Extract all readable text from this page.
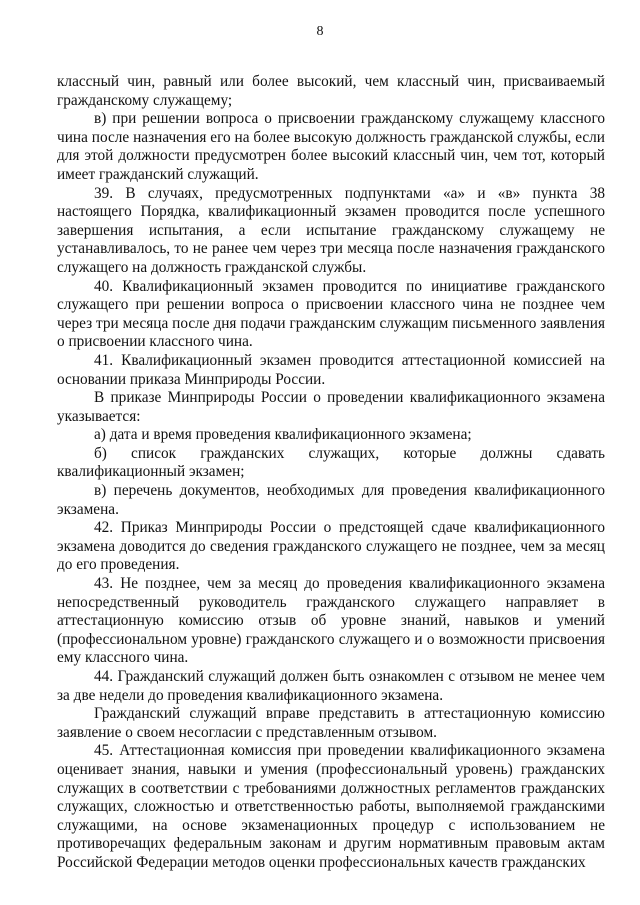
8

классный чин, равный или более высокий, чем классный чин, присваиваемый гражданскому служащему;

в) при решении вопроса о присвоении гражданскому служащему классного чина после назначения его на более высокую должность гражданской службы, если для этой должности предусмотрен более высокий классный чин, чем тот, который имеет гражданский служащий.

39. В случаях, предусмотренных подпунктами «а» и «в» пункта 38 настоящего Порядка, квалификационный экзамен проводится после успешного завершения испытания, а если испытание гражданскому служащему не устанавливалось, то не ранее чем через три месяца после назначения гражданского служащего на должность гражданской службы.

40. Квалификационный экзамен проводится по инициативе гражданского служащего при решении вопроса о присвоении классного чина не позднее чем через три месяца после дня подачи гражданским служащим письменного заявления о присвоении классного чина.

41. Квалификационный экзамен проводится аттестационной комиссией на основании приказа Минприроды России.

В приказе Минприроды России о проведении квалификационного экзамена указывается:

а) дата и время проведения квалификационного экзамена;

б) список гражданских служащих, которые должны сдавать квалификационный экзамен;

в) перечень документов, необходимых для проведения квалификационного экзамена.

42. Приказ Минприроды России о предстоящей сдаче квалификационного экзамена доводится до сведения гражданского служащего не позднее, чем за месяц до его проведения.

43. Не позднее, чем за месяц до проведения квалификационного экзамена непосредственный руководитель гражданского служащего направляет в аттестационную комиссию отзыв об уровне знаний, навыков и умений (профессиональном уровне) гражданского служащего и о возможности присвоения ему классного чина.

44. Гражданский служащий должен быть ознакомлен с отзывом не менее чем за две недели до проведения квалификационного экзамена.

Гражданский служащий вправе представить в аттестационную комиссию заявление о своем несогласии с представленным отзывом.

45. Аттестационная комиссия при проведении квалификационного экзамена оценивает знания, навыки и умения (профессиональный уровень) гражданских служащих в соответствии с требованиями должностных регламентов гражданских служащих, сложностью и ответственностью работы, выполняемой гражданскими служащими, на основе экзаменационных процедур с использованием не противоречащих федеральным законам и другим нормативным правовым актам Российской Федерации методов оценки профессиональных качеств гражданских
